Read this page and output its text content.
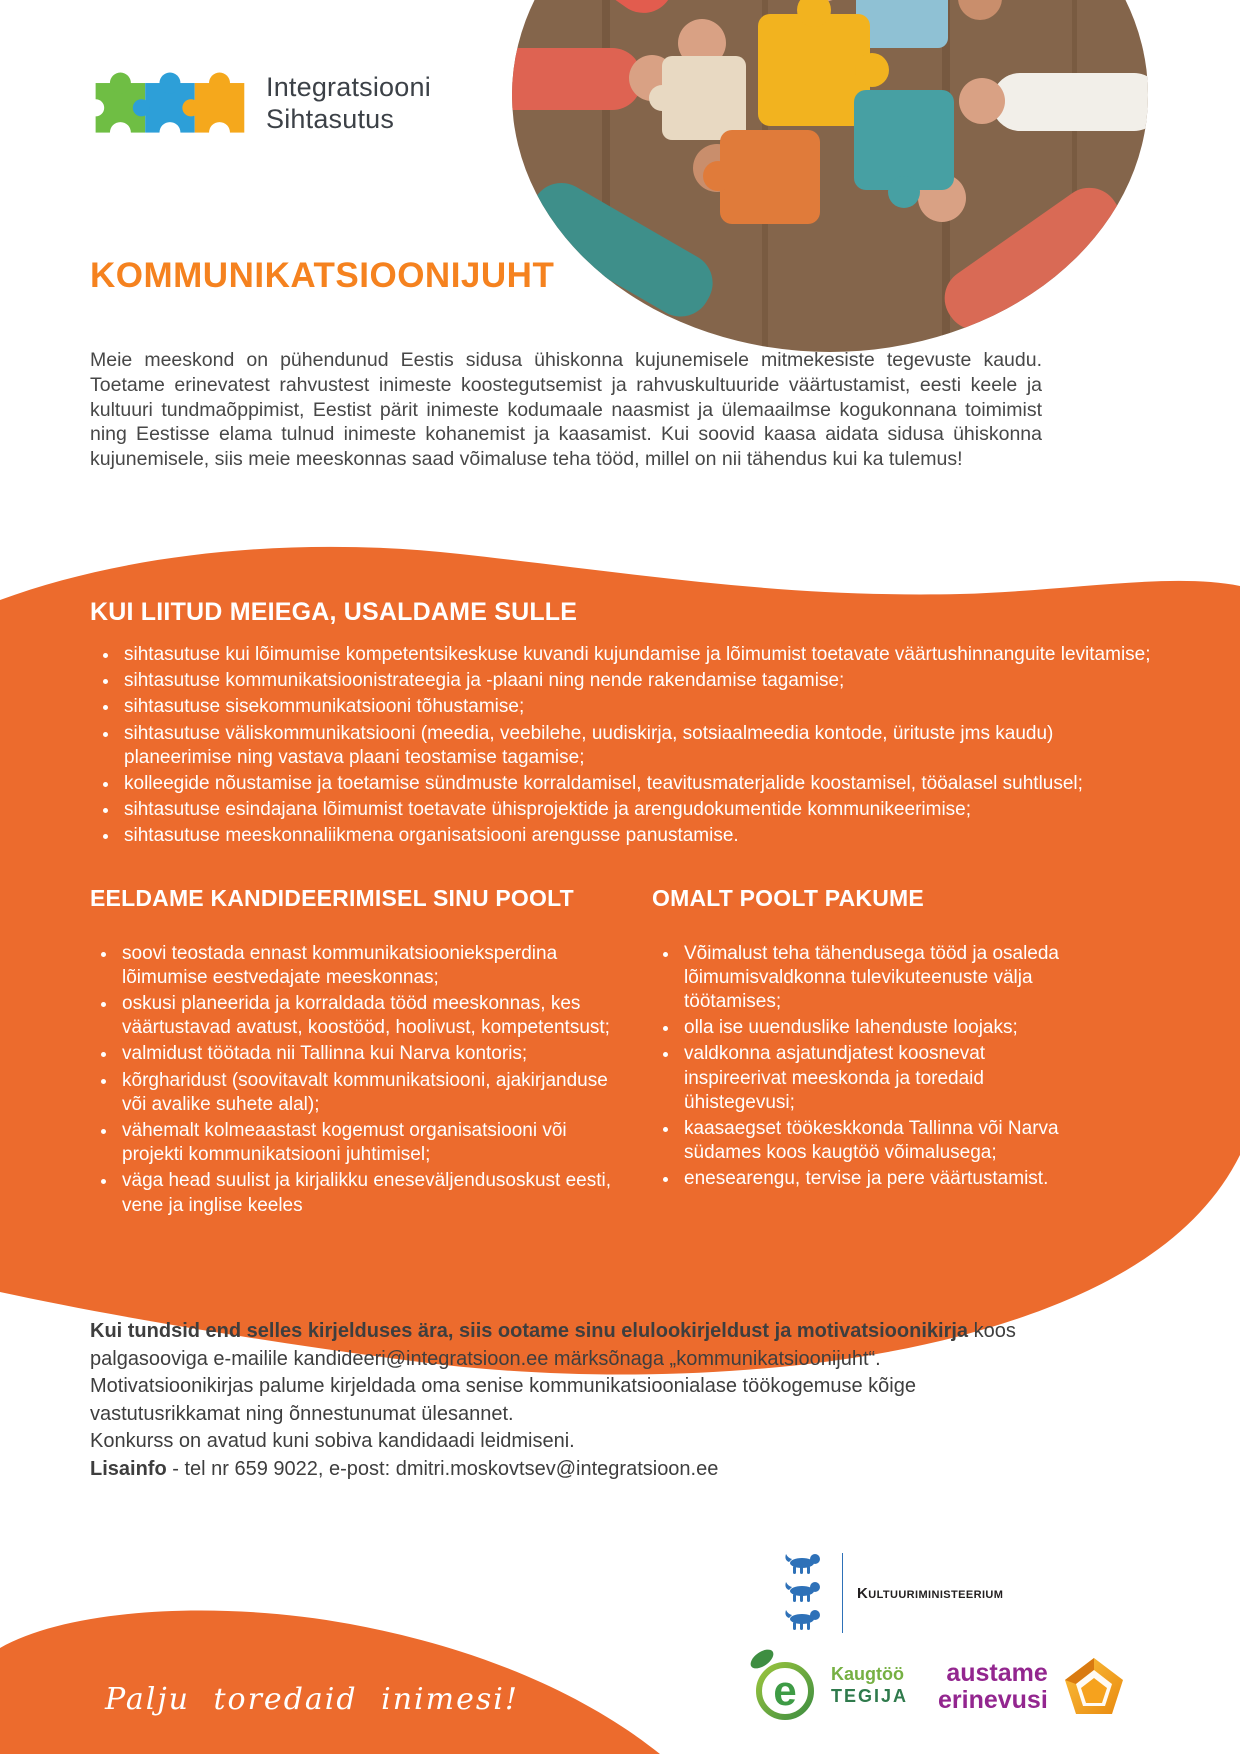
Integratsiooni
Sihtasutus
KOMMUNIKATSIOONIJUHT

Meie meeskond on pühendunud Eestis sidusa ühiskonna kujunemisele mitmekesiste tegevuste kaudu. Toetame erinevatest rahvustest inimeste koostegutsemist ja rahvuskultuuride väärtustamist, eesti keele ja kultuuri tundmaõppimist, Eestist pärit inimeste kodumaale naasmist ja ülemaailmse kogukonnana toimimist ning Eestisse elama tulnud inimeste kohanemist ja kaasamist. Kui soovid kaasa aidata sidusa ühiskonna kujunemisele, siis meie meeskonnas saad võimaluse teha tööd, millel on nii tähendus kui ka tulemus!

KUI LIITUD MEIEGA, USALDAME SULLE
• sihtasutuse kui lõimumise kompetentsikeskuse kuvandi kujundamise ja lõimumist toetavate väärtushinnanguite levitamise;
• sihtasutuse kommunikatsioonistrateegia ja -plaani ning nende rakendamise tagamise;
• sihtasutuse sisekommunikatsiooni tõhustamise;
• sihtasutuse väliskommunikatsiooni (meedia, veebilehe, uudiskirja, sotsiaalmeedia kontode, ürituste jms kaudu) planeerimise ning vastava plaani teostamise tagamise;
• kolleegide nõustamise ja toetamise sündmuste korraldamisel, teavitusmaterjalide koostamisel, tööalasel suhtlusel;
• sihtasutuse esindajana lõimumist toetavate ühisprojektide ja arengudokumentide kommunikeerimise;
• sihtasutuse meeskonnaliikmena organisatsiooni arengusse panustamise.
EELDAME KANDIDEERIMISEL SINU POOLT
• soovi teostada ennast kommunikatsioonieksperdina lõimumise eestvedajate meeskonnas;
• oskusi planeerida ja korraldada tööd meeskonnas, kes väärtustavad avatust, koostööd, hoolivust, kompetentsust;
• valmidust töötada nii Tallinna kui Narva kontoris;
• kõrgharidust (soovitavalt kommunikatsiooni, ajakirjanduse või avalike suhete alal);
• vähemalt kolmeaastast kogemust organisatsiooni või projekti kommunikatsiooni juhtimisel;
• väga head suulist ja kirjalikku eneseväljendusoskust eesti, vene ja inglise keeles
OMALT POOLT PAKUME
• Võimalust teha tähendusega tööd ja osaleda lõimumisvaldkonna tulevikuteenuste välja töötamises;
• olla ise uuenduslike lahenduste loojaks;
• valdkonna asjatundjatest koosnevat inspireerivat meeskonda ja toredaid ühistegevusi;
• kaasaegset töökeskkonda Tallinna või Narva südames koos kaugtöö võimalusega;
• enesearengu, tervise ja pere väärtustamist.

Kui tundsid end selles kirjelduses ära, siis ootame sinu elulookirjeldust ja motivatsioonikirja koos

palgasooviga e-mailile kandideeri@integratsioon.ee märksõnaga „kommunikatsioonijuht“.

Motivatsioonikirjas palume kirjeldada oma senise kommunikatsioonialase töökogemuse kõige

vastutusrikkamat ning õnnestunumat ülesannet.

Konkurss on avatud kuni sobiva kandidaadi leidmiseni.

Lisainfo - tel nr 659 9022, e-post: dmitri.moskovtsev@integratsioon.ee

Kultuuriministeerium
e Kaugtöö
TEGIJA
austame
erinevusi
Palju toredaid inimesi!
